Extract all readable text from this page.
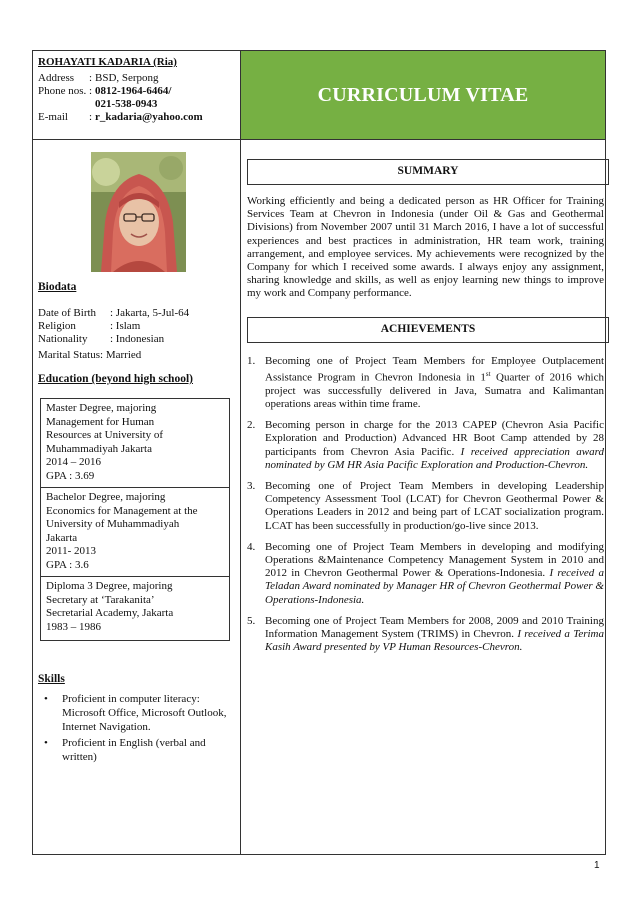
ROHAYATI KADARIA (Ria)
Address	: BSD, Serpong
Phone nos. : 0812-1964-6464/
021-538-0943
E-mail	: r_kadaria@yahoo.com
CURRICULUM VITAE
Biodata
Date of Birth	: Jakarta, 5-Jul-64
Religion	: Islam
Nationality	: Indonesian
Marital Status : Married
Education (beyond high school)
Master Degree, majoring
Management for Human
Resources at University of
Muhammadiyah Jakarta
2014 – 2016
GPA : 3.69
Bachelor Degree, majoring
Economics for Management at the
University of Muhammadiyah
Jakarta
2011- 2013
GPA : 3.6
Diploma 3 Degree, majoring
Secretary at ‘Tarakanita’
Secretarial Academy, Jakarta
1983 – 1986
Skills
• Proficient in computer literacy: Microsoft Office, Microsoft Outlook, Internet Navigation.
• Proficient in English (verbal and written)
SUMMARY
Working efficiently and being a dedicated person as HR Officer for Training Services Team at Chevron in Indonesia (under Oil & Gas and Geothermal Divisions) from November 2007 until 31 March 2016, I have a lot of successful experiences and best practices in administration, HR team work, training arrangement, and employee services. My achievements were recognized by the Company for which I received some awards. I always enjoy any assignment, sharing knowledge and skills, as well as enjoy learning new things to improve my work and Company performance.
ACHIEVEMENTS
1. Becoming one of Project Team Members for Employee Outplacement Assistance Program in Chevron Indonesia in 1st Quarter of 2016 which project was successfully delivered in Java, Sumatra and Kalimantan operations areas within time frame.
2. Becoming person in charge for the 2013 CAPEP (Chevron Asia Pacific Exploration and Production) Advanced HR Boot Camp attended by 28 participants from Chevron Asia Pacific. I received appreciation award nominated by GM HR Asia Pacific Exploration and Production-Chevron.
3. Becoming one of Project Team Members in developing Leadership Competency Assessment Tool (LCAT) for Chevron Geothermal Power & Operations Leaders in 2012 and being part of LCAT socialization program. LCAT has been successfully in production/go-live since 2013.
4. Becoming one of Project Team Members in developing and modifying Operations &Maintenance Competency Management System in 2010 and 2012 in Chevron Geothermal Power & Operations-Indonesia. I received a Teladan Award nominated by Manager HR of Chevron Geothermal Power & Operations-Indonesia.
5. Becoming one of Project Team Members for 2008, 2009 and 2010 Training Information Management System (TRIMS) in Chevron. I received a Terima Kasih Award presented by VP Human Resources-Chevron.
1
